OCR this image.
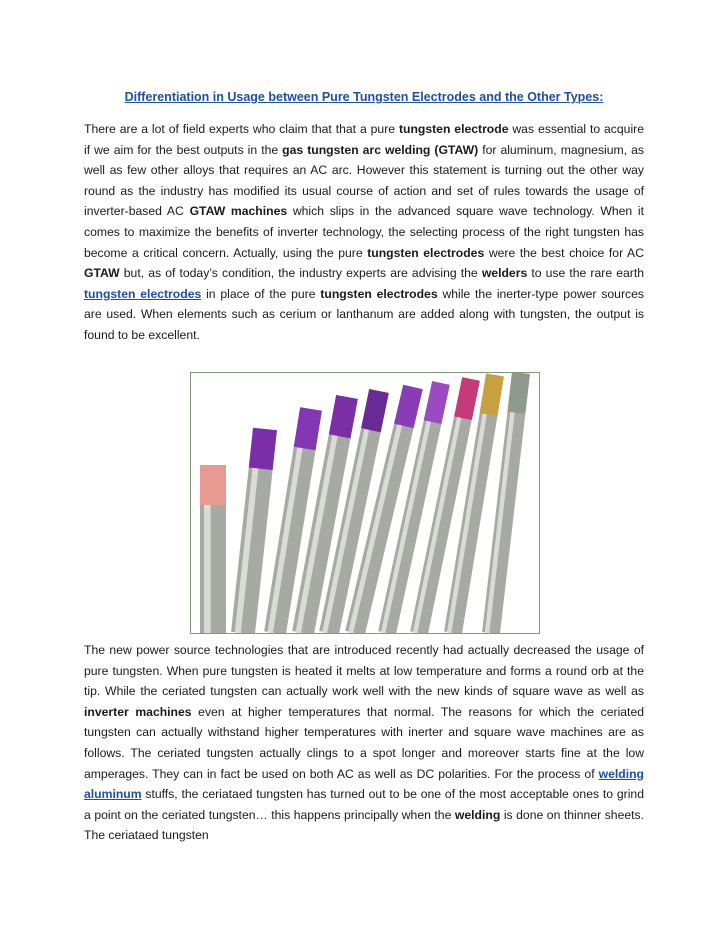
Differentiation in Usage between Pure Tungsten Electrodes and the Other Types:
There are a lot of field experts who claim that that a pure tungsten electrode was essential to acquire if we aim for the best outputs in the gas tungsten arc welding (GTAW) for aluminum, magnesium, as well as few other alloys that requires an AC arc. However this statement is turning out the other way round as the industry has modified its usual course of action and set of rules towards the usage of inverter-based AC GTAW machines which slips in the advanced square wave technology. When it comes to maximize the benefits of inverter technology, the selecting process of the right tungsten has become a critical concern. Actually, using the pure tungsten electrodes were the best choice for AC GTAW but, as of today’s condition, the industry experts are advising the welders to use the rare earth tungsten electrodes in place of the pure tungsten electrodes while the inerter-type power sources are used. When elements such as cerium or lanthanum are added along with tungsten, the output is found to be excellent.
The new power source technologies that are introduced recently had actually decreased the usage of pure tungsten. When pure tungsten is heated it melts at low temperature and forms a round orb at the tip. While the ceriated tungsten can actually work well with the new kinds of square wave as well as inverter machines even at higher temperatures that normal. The reasons for which the ceriated tungsten can actually withstand higher temperatures with inerter and square wave machines are as follows. The ceriated tungsten actually clings to a spot longer and moreover starts fine at the low amperages. They can in fact be used on both AC as well as DC polarities. For the process of welding aluminum stuffs, the ceriataed tungsten has turned out to be one of the most acceptable ones to grind a point on the ceriated tungsten… this happens principally when the welding is done on thinner sheets. The ceriataed tungsten
